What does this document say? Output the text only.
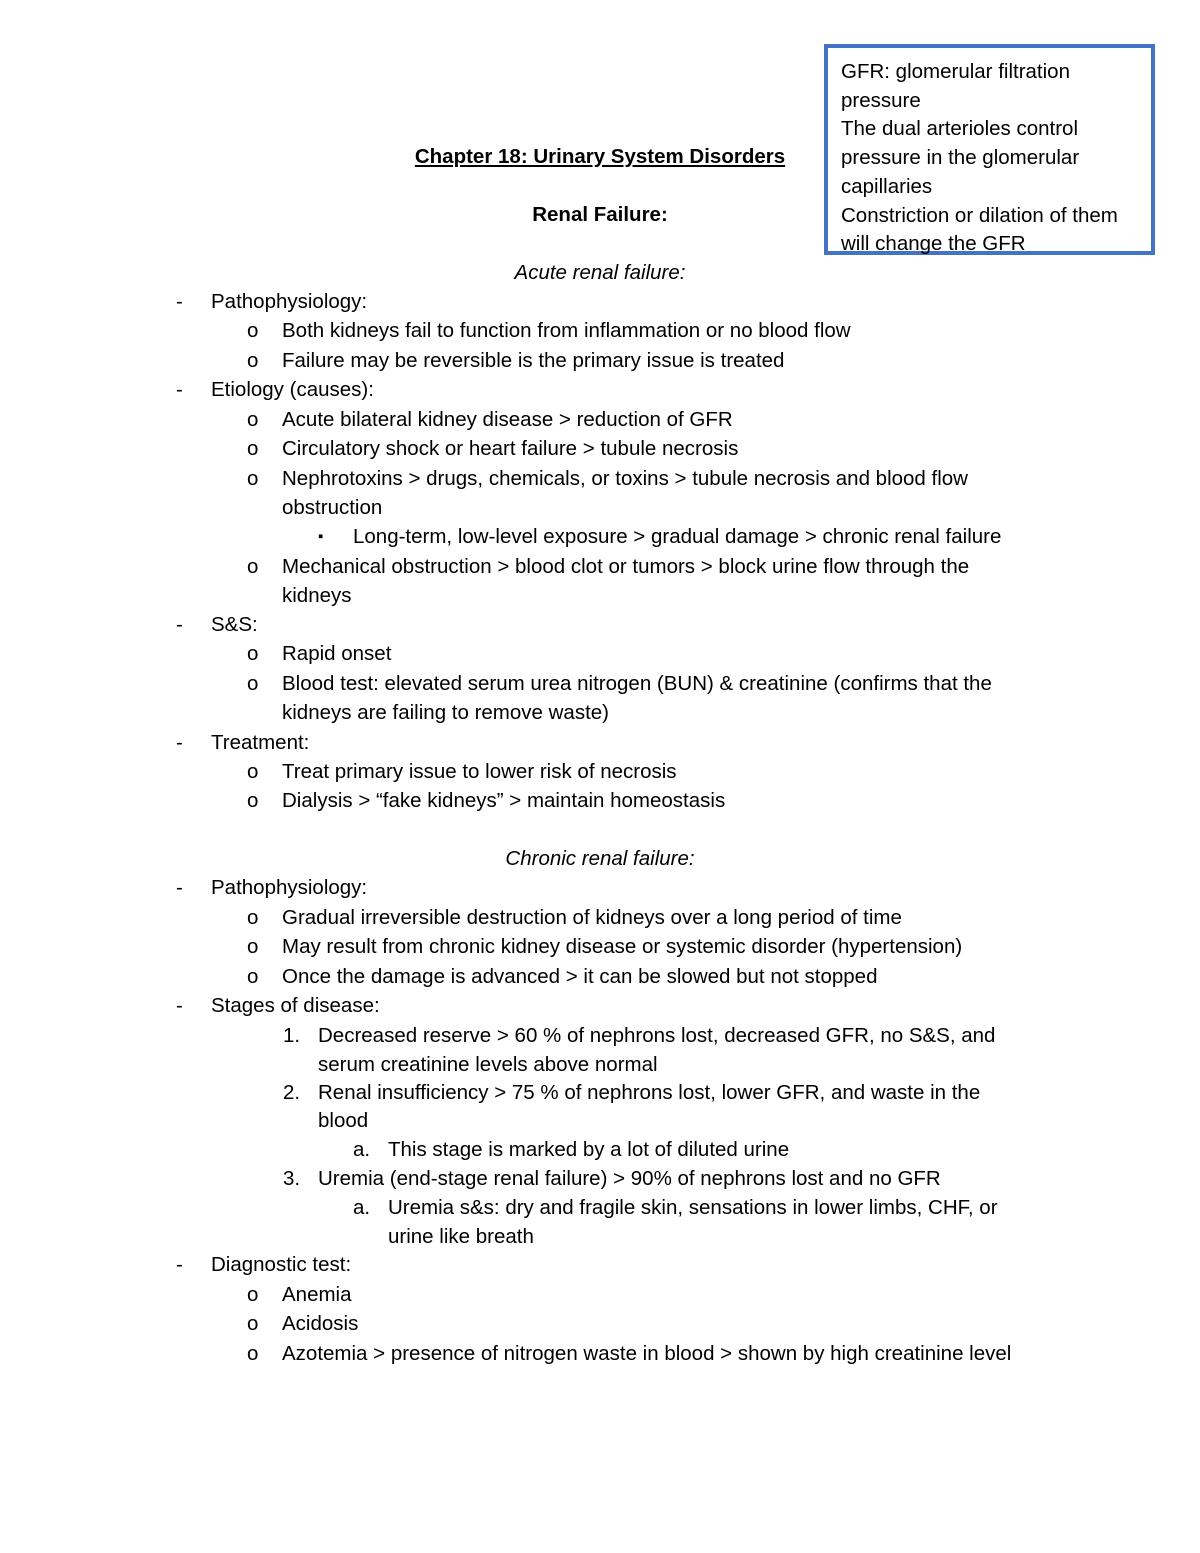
GFR: glomerular filtration
pressure
The dual arterioles control
pressure in the glomerular
capillaries
Constriction or dilation of them
will change the GFR
Chapter 18: Urinary System Disorders
Renal Failure:
Acute renal failure:
Chronic renal failure:
- Pathophysiology:
o Both kidneys fail to function from inflammation or no blood flow
o Failure may be reversible is the primary issue is treated
- Etiology (causes):
o Acute bilateral kidney disease > reduction of GFR
o Circulatory shock or heart failure > tubule necrosis
o Nephrotoxins > drugs, chemicals, or toxins > tubule necrosis and blood flow
obstruction
▪ Long-term, low-level exposure > gradual damage > chronic renal failure
o Mechanical obstruction > blood clot or tumors > block urine flow through the
kidneys
- S&S:
o Rapid onset
o Blood test: elevated serum urea nitrogen (BUN) & creatinine (confirms that the
kidneys are failing to remove waste)
- Treatment:
o Treat primary issue to lower risk of necrosis
o Dialysis > “fake kidneys” > maintain homeostasis
- Pathophysiology:
o Gradual irreversible destruction of kidneys over a long period of time
o May result from chronic kidney disease or systemic disorder (hypertension)
o Once the damage is advanced > it can be slowed but not stopped
- Stages of disease:
1. Decreased reserve > 60 % of nephrons lost, decreased GFR, no S&S, and
serum creatinine levels above normal
2. Renal insufficiency > 75 % of nephrons lost, lower GFR, and waste in the
blood
a. This stage is marked by a lot of diluted urine
3. Uremia (end-stage renal failure) > 90% of nephrons lost and no GFR
a. Uremia s&s: dry and fragile skin, sensations in lower limbs, CHF, or
urine like breath
- Diagnostic test:
o Anemia
o Acidosis
o Azotemia > presence of nitrogen waste in blood > shown by high creatinine level
